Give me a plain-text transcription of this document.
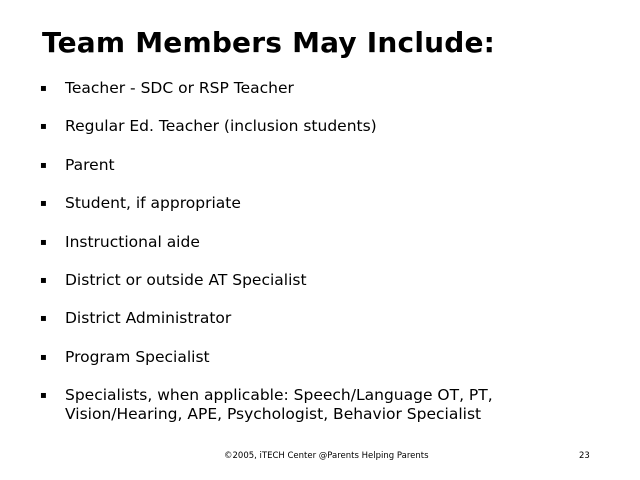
Team Members May Include:
▪	Teacher - SDC or RSP Teacher
▪	Regular Ed. Teacher (inclusion students)
▪	Parent
▪	Student, if appropriate
▪	Instructional aide
▪	District or outside AT Specialist
▪	District Administrator
▪	Program Specialist
▪	Specialists, when applicable: Speech/Language OT, PT, Vision/Hearing, APE, Psychologist, Behavior Specialist
©2005, iTECH Center @Parents Helping Parents	23
